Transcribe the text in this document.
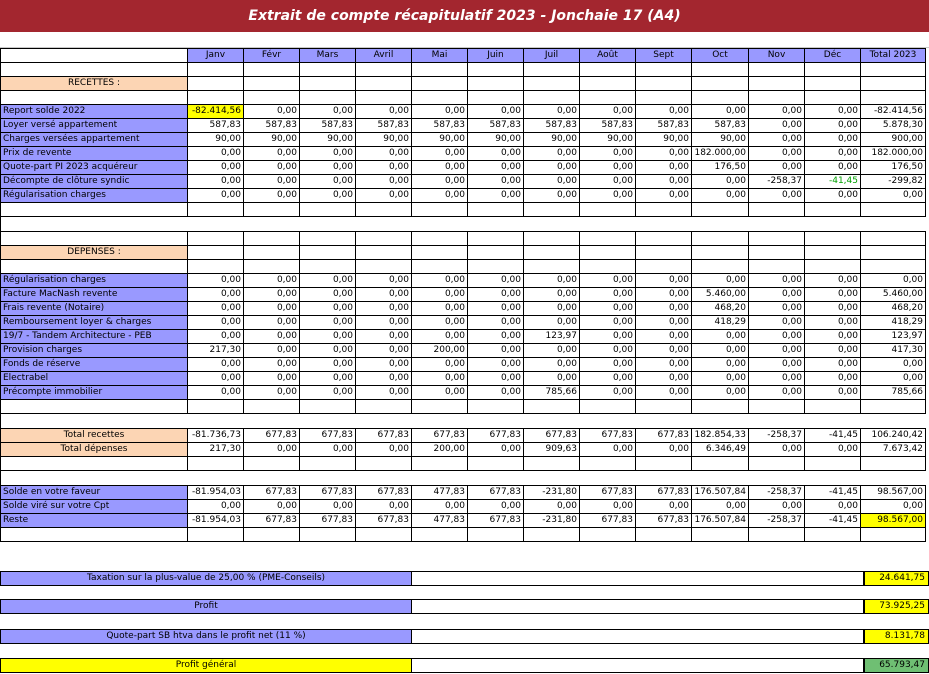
Extrait de compte récapitulatif 2023 - Jonchaie 17 (A4)
	Janv	Févr	Mars	Avril	Mai	Juin	Juil	Août	Sept	Oct	Nov	Déc	Total 2023

RECETTES :													

Report solde 2022	-82.414,56	0,00	0,00	0,00	0,00	0,00	0,00	0,00	0,00	0,00	0,00	0,00	-82.414,56
Loyer versé appartement	587,83	587,83	587,83	587,83	587,83	587,83	587,83	587,83	587,83	587,83	0,00	0,00	5.878,30
Charges versées appartement	90,00	90,00	90,00	90,00	90,00	90,00	90,00	90,00	90,00	90,00	0,00	0,00	900,00
Prix de revente	0,00	0,00	0,00	0,00	0,00	0,00	0,00	0,00	0,00	182.000,00	0,00	0,00	182.000,00
Quote-part PI 2023 acquéreur	0,00	0,00	0,00	0,00	0,00	0,00	0,00	0,00	0,00	176,50	0,00	0,00	176,50
Décompte de clôture syndic	0,00	0,00	0,00	0,00	0,00	0,00	0,00	0,00	0,00	0,00	-258,37	-41,45	-299,82
Régularisation charges	0,00	0,00	0,00	0,00	0,00	0,00	0,00	0,00	0,00	0,00	0,00	0,00	0,00

DEPENSES :													

Régularisation charges	0,00	0,00	0,00	0,00	0,00	0,00	0,00	0,00	0,00	0,00	0,00	0,00	0,00
Facture MacNash revente	0,00	0,00	0,00	0,00	0,00	0,00	0,00	0,00	0,00	5.460,00	0,00	0,00	5.460,00
Frais revente (Notaire)	0,00	0,00	0,00	0,00	0,00	0,00	0,00	0,00	0,00	468,20	0,00	0,00	468,20
Remboursement loyer & charges	0,00	0,00	0,00	0,00	0,00	0,00	0,00	0,00	0,00	418,29	0,00	0,00	418,29
19/7 - Tandem Architecture - PEB	0,00	0,00	0,00	0,00	0,00	0,00	123,97	0,00	0,00	0,00	0,00	0,00	123,97
Provision charges	217,30	0,00	0,00	0,00	200,00	0,00	0,00	0,00	0,00	0,00	0,00	0,00	417,30
Fonds de réserve	0,00	0,00	0,00	0,00	0,00	0,00	0,00	0,00	0,00	0,00	0,00	0,00	0,00
Electrabel	0,00	0,00	0,00	0,00	0,00	0,00	0,00	0,00	0,00	0,00	0,00	0,00	0,00
Précompte immobilier	0,00	0,00	0,00	0,00	0,00	0,00	785,66	0,00	0,00	0,00	0,00	0,00	785,66

Total recettes	-81.736,73	677,83	677,83	677,83	677,83	677,83	677,83	677,83	677,83	182.854,33	-258,37	-41,45	106.240,42
Total dépenses	217,30	0,00	0,00	0,00	200,00	0,00	909,63	0,00	0,00	6.346,49	0,00	0,00	7.673,42

Solde en votre faveur	-81.954,03	677,83	677,83	677,83	477,83	677,83	-231,80	677,83	677,83	176.507,84	-258,37	-41,45	98.567,00
Solde viré sur votre Cpt	0,00	0,00	0,00	0,00	0,00	0,00	0,00	0,00	0,00	0,00	0,00	0,00	0,00
Reste	-81.954,03	677,83	677,83	677,83	477,83	677,83	-231,80	677,83	677,83	176.507,84	-258,37	-41,45	98.567,00

Taxation sur la plus-value de 25,00 % (PME-Conseils)	24.641,75
Profit	73.925,25
Quote-part SB htva dans le profit net (11 %)	8.131,78
Profit général	65.793,47
